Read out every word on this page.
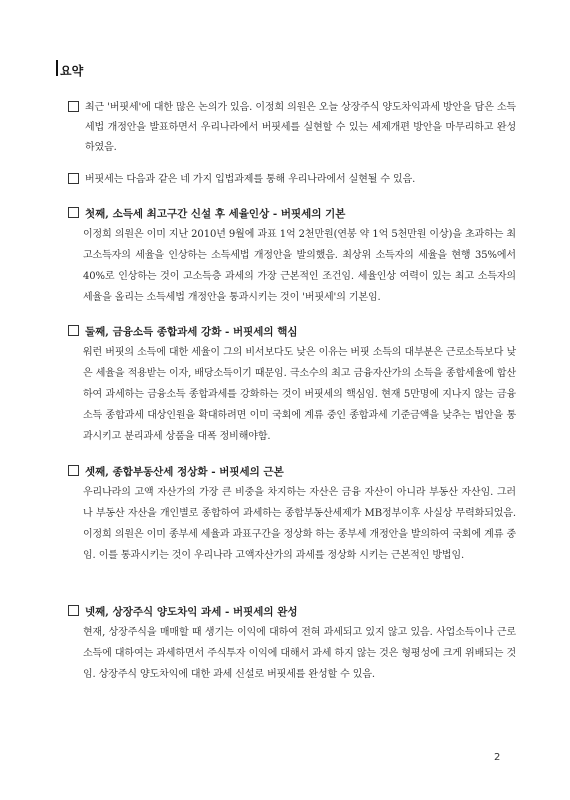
요약
최근 '버핏세'에 대한 많은 논의가 있음. 이정희 의원은 오늘 상장주식 양도차익과세 방안을 담은 소득세법 개정안을 발표하면서 우리나라에서 버핏세를 실현할 수 있는 세제개편 방안을 마무리하고 완성하였음.
버핏세는 다음과 같은 네 가지 입법과제를 통해 우리나라에서 실현될 수 있음.
첫째, 소득세 최고구간 신설 후 세율인상 - 버핏세의 기본
이정희 의원은 이미 지난 2010년 9월에 과표 1억 2천만원(연봉 약 1억 5천만원 이상)을 초과하는 최고소득자의 세율을 인상하는 소득세법 개정안을 발의했음. 최상위 소득자의 세율을 현행 35%에서 40%로 인상하는 것이 고소득층 과세의 가장 근본적인 조건임. 세율인상 여력이 있는 최고 소득자의 세율을 올리는 소득세법 개정안을 통과시키는 것이 '버핏세'의 기본임.
둘째, 금융소득 종합과세 강화 - 버핏세의 핵심
워런 버핏의 소득에 대한 세율이 그의 비서보다도 낮은 이유는 버핏 소득의 대부분은 근로소득보다 낮은 세율을 적용받는 이자, 배당소득이기 때문임. 극소수의 최고 금융자산가의 소득을 종합세율에 합산하여 과세하는 금융소득 종합과세를 강화하는 것이 버핏세의 핵심임. 현재 5만명에 지나지 않는 금융소득 종합과세 대상인원을 확대하려면 이미 국회에 계류 중인 종합과세 기준금액을 낮추는 법안을 통과시키고 분리과세 상품을 대폭 정비해야함.
셋째, 종합부동산세 정상화 - 버핏세의 근본
우리나라의 고액 자산가의 가장 큰 비중을 차지하는 자산은 금융 자산이 아니라 부동산 자산임. 그러나 부동산 자산을 개인별로 종합하여 과세하는 종합부동산세제가 MB정부이후 사실상 무력화되었음. 이정희 의원은 이미 종부세 세율과 과표구간을 정상화 하는 종부세 개정안을 발의하여 국회에 계류 중임. 이를 통과시키는 것이 우리나라 고액자산가의 과세를 정상화 시키는 근본적인 방법임.
넷째, 상장주식 양도차익 과세 - 버핏세의 완성
현재, 상장주식을 매매할 때 생기는 이익에 대하여 전혀 과세되고 있지 않고 있음. 사업소득이나 근로소득에 대하여는 과세하면서 주식투자 이익에 대해서 과세 하지 않는 것은 형평성에 크게 위배되는 것임. 상장주식 양도차익에 대한 과세 신설로 버핏세를 완성할 수 있음.
2
